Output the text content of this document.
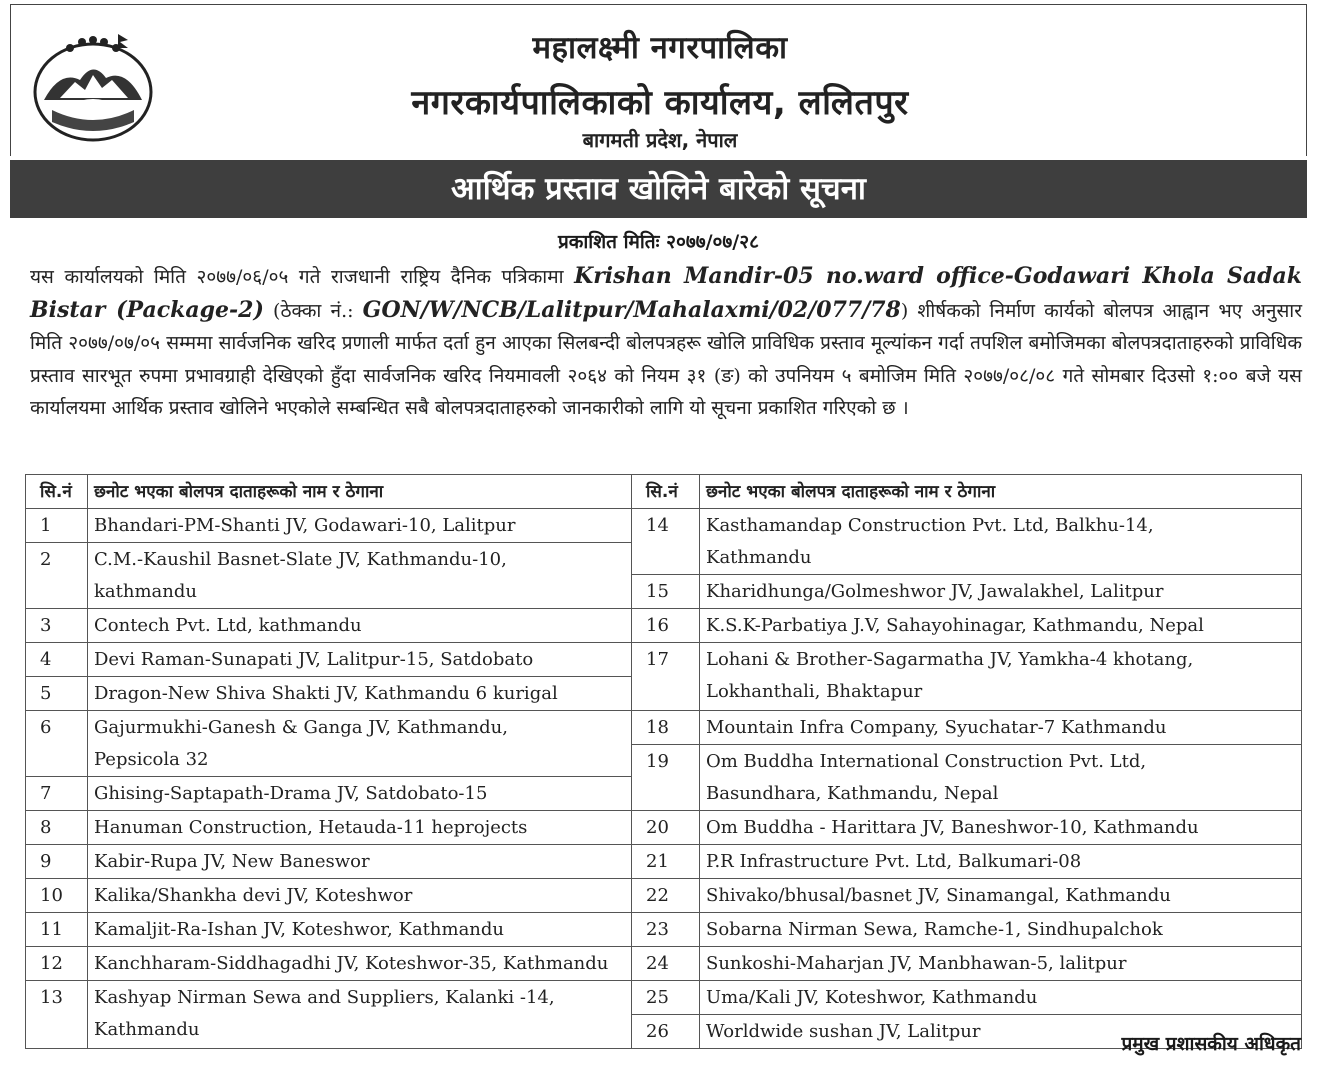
महालक्ष्मी नगरपालिका
नगरकार्यपालिकाको कार्यालय, ललितपुर
बागमती प्रदेश, नेपाल
आर्थिक प्रस्ताव खोलिने बारेको सूचना
प्रकाशित मितिः २०७७/०७/२८
यस कार्यालयको मिति २०७७/०६/०५ गते राजधानी राष्ट्रिय दैनिक पत्रिकामा Krishan Mandir-05 no.ward office-Godawari Khola Sadak Bistar (Package-2) (ठेक्का नं.: GON/W/NCB/Lalitpur/Mahalaxmi/02/077/78) शीर्षकको निर्माण कार्यको बोलपत्र आह्वान भए अनुसार मिति २०७७/०७/०५ सम्ममा सार्वजनिक खरिद प्रणाली मार्फत दर्ता हुन आएका सिलबन्दी बोलपत्रहरू खोलि प्राविधिक प्रस्ताव मूल्यांकन गर्दा तपशिल बमोजिमका बोलपत्रदाताहरुको प्राविधिक प्रस्ताव सारभूत रुपमा प्रभावग्राही देखिएको हुँदा सार्वजनिक खरिद नियमावली २०६४ को नियम ३१ (ङ) को उपनियम ५ बमोजिम मिति २०७७/०८/०८ गते सोमबार दिउसो १:०० बजे यस कार्यालयमा आर्थिक प्रस्ताव खोलिने भएकोले सम्बन्धित सबै बोलपत्रदाताहरुको जानकारीको लागि यो सूचना प्रकाशित गरिएको छ ।
सि.नं	छनोट भएका बोलपत्र दाताहरूको नाम र ठेगाना	सि.नं	छनोट भएका बोलपत्र दाताहरूको नाम र ठेगाना
1	Bhandari-PM-Shanti JV, Godawari-10, Lalitpur	14	Kasthamandap Construction Pvt. Ltd, Balkhu-14,
Kathmandu

2	C.M.-Kaushil Basnet-Slate JV, Kathmandu-10,
kathmandu		

		15	Kharidhunga/Golmeshwor JV, Jawalakhel, Lalitpur

3	Contech Pvt. Ltd, kathmandu	16	K.S.K-Parbatiya J.V, Sahayohinagar, Kathmandu, Nepal

4	Devi Raman-Sunapati JV, Lalitpur-15, Satdobato	17	Lohani & Brother-Sagarmatha JV, Yamkha-4 khotang,
Lokhanthali, Bhaktapur

5	Dragon-New Shiva Shakti JV, Kathmandu 6 kurigal		

6	Gajurmukhi-Ganesh & Ganga JV, Kathmandu,
Pepsicola 32	18	Mountain Infra Company, Syuchatar-7 Kathmandu

		19	Om Buddha International Construction Pvt. Ltd,
Basundhara, Kathmandu, Nepal

7	Ghising-Saptapath-Drama JV, Satdobato-15		

8	Hanuman Construction, Hetauda-11 heprojects	20	Om Buddha - Harittara JV, Baneshwor-10, Kathmandu

9	Kabir-Rupa JV, New Baneswor	21	P.R Infrastructure Pvt. Ltd, Balkumari-08

10	Kalika/Shankha devi JV, Koteshwor	22	Shivako/bhusal/basnet JV, Sinamangal, Kathmandu

11	Kamaljit-Ra-Ishan JV, Koteshwor, Kathmandu	23	Sobarna Nirman Sewa, Ramche-1, Sindhupalchok

12	Kanchharam-Siddhagadhi JV, Koteshwor-35, Kathmandu	24	Sunkoshi-Maharjan JV, Manbhawan-5, lalitpur

13	Kashyap Nirman Sewa and Suppliers, Kalanki -14,
Kathmandu	25	Uma/Kali JV, Koteshwor, Kathmandu

		26	Worldwide sushan JV, Lalitpur
प्रमुख प्रशासकीय अधिकृत
